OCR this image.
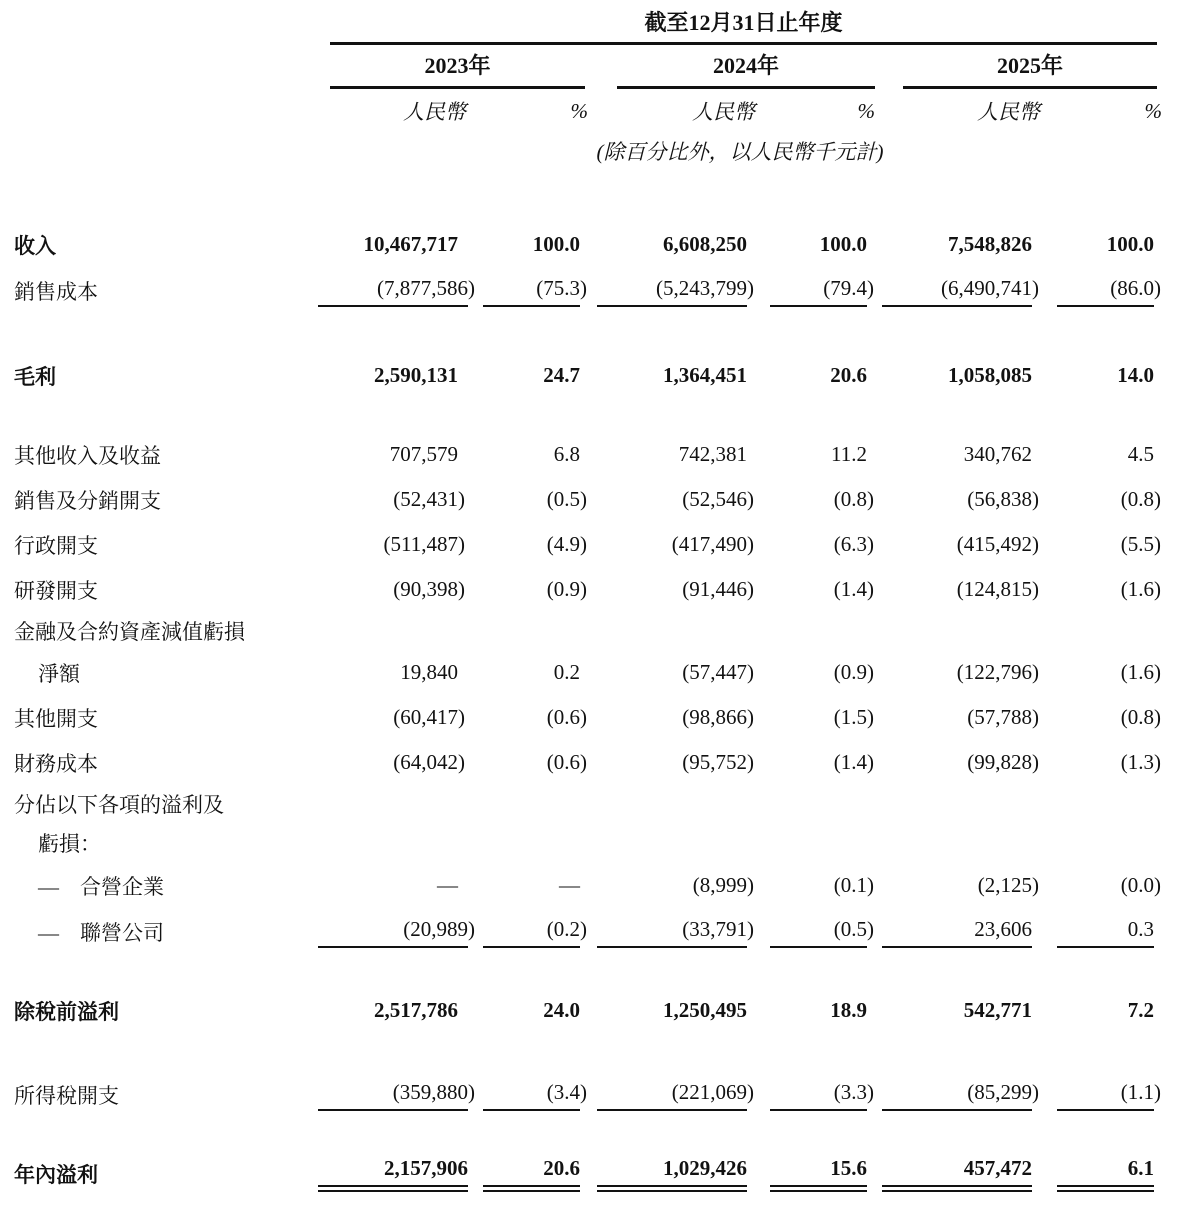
	截至12月31日止年度					

	2023年		2024年		2025年	

	人民幣	%	人民幣	%	人民幣	%
	(除百分比外，以人民幣千元計)					

收入	10,467,717	100.0	6,608,250	100.0	7,548,826	100.0
銷售成本	(7,877,586)	(75.3)	(5,243,799)	(79.4)	(6,490,741)	(86.0)

毛利	2,590,131	24.7	1,364,451	20.6	1,058,085	14.0

其他收入及收益	707,579	6.8	742,381	11.2	340,762	4.5
銷售及分銷開支	(52,431)	(0.5)	(52,546)	(0.8)	(56,838)	(0.8)
行政開支	(511,487)	(4.9)	(417,490)	(6.3)	(415,492)	(5.5)
研發開支	(90,398)	(0.9)	(91,446)	(1.4)	(124,815)	(1.6)
金融及合約資產減值虧損						
淨額	19,840	0.2	(57,447)	(0.9)	(122,796)	(1.6)
其他開支	(60,417)	(0.6)	(98,866)	(1.5)	(57,788)	(0.8)
財務成本	(64,042)	(0.6)	(95,752)	(1.4)	(99,828)	(1.3)
分佔以下各項的溢利及						
虧損：						
—　合營企業	—	—	(8,999)	(0.1)	(2,125)	(0.0)
—　聯營公司	(20,989)	(0.2)	(33,791)	(0.5)	23,606	0.3

除稅前溢利	2,517,786	24.0	1,250,495	18.9	542,771	7.2

所得稅開支	(359,880)	(3.4)	(221,069)	(3.3)	(85,299)	(1.1)

年內溢利	2,157,906	20.6	1,029,426	15.6	457,472	6.1
